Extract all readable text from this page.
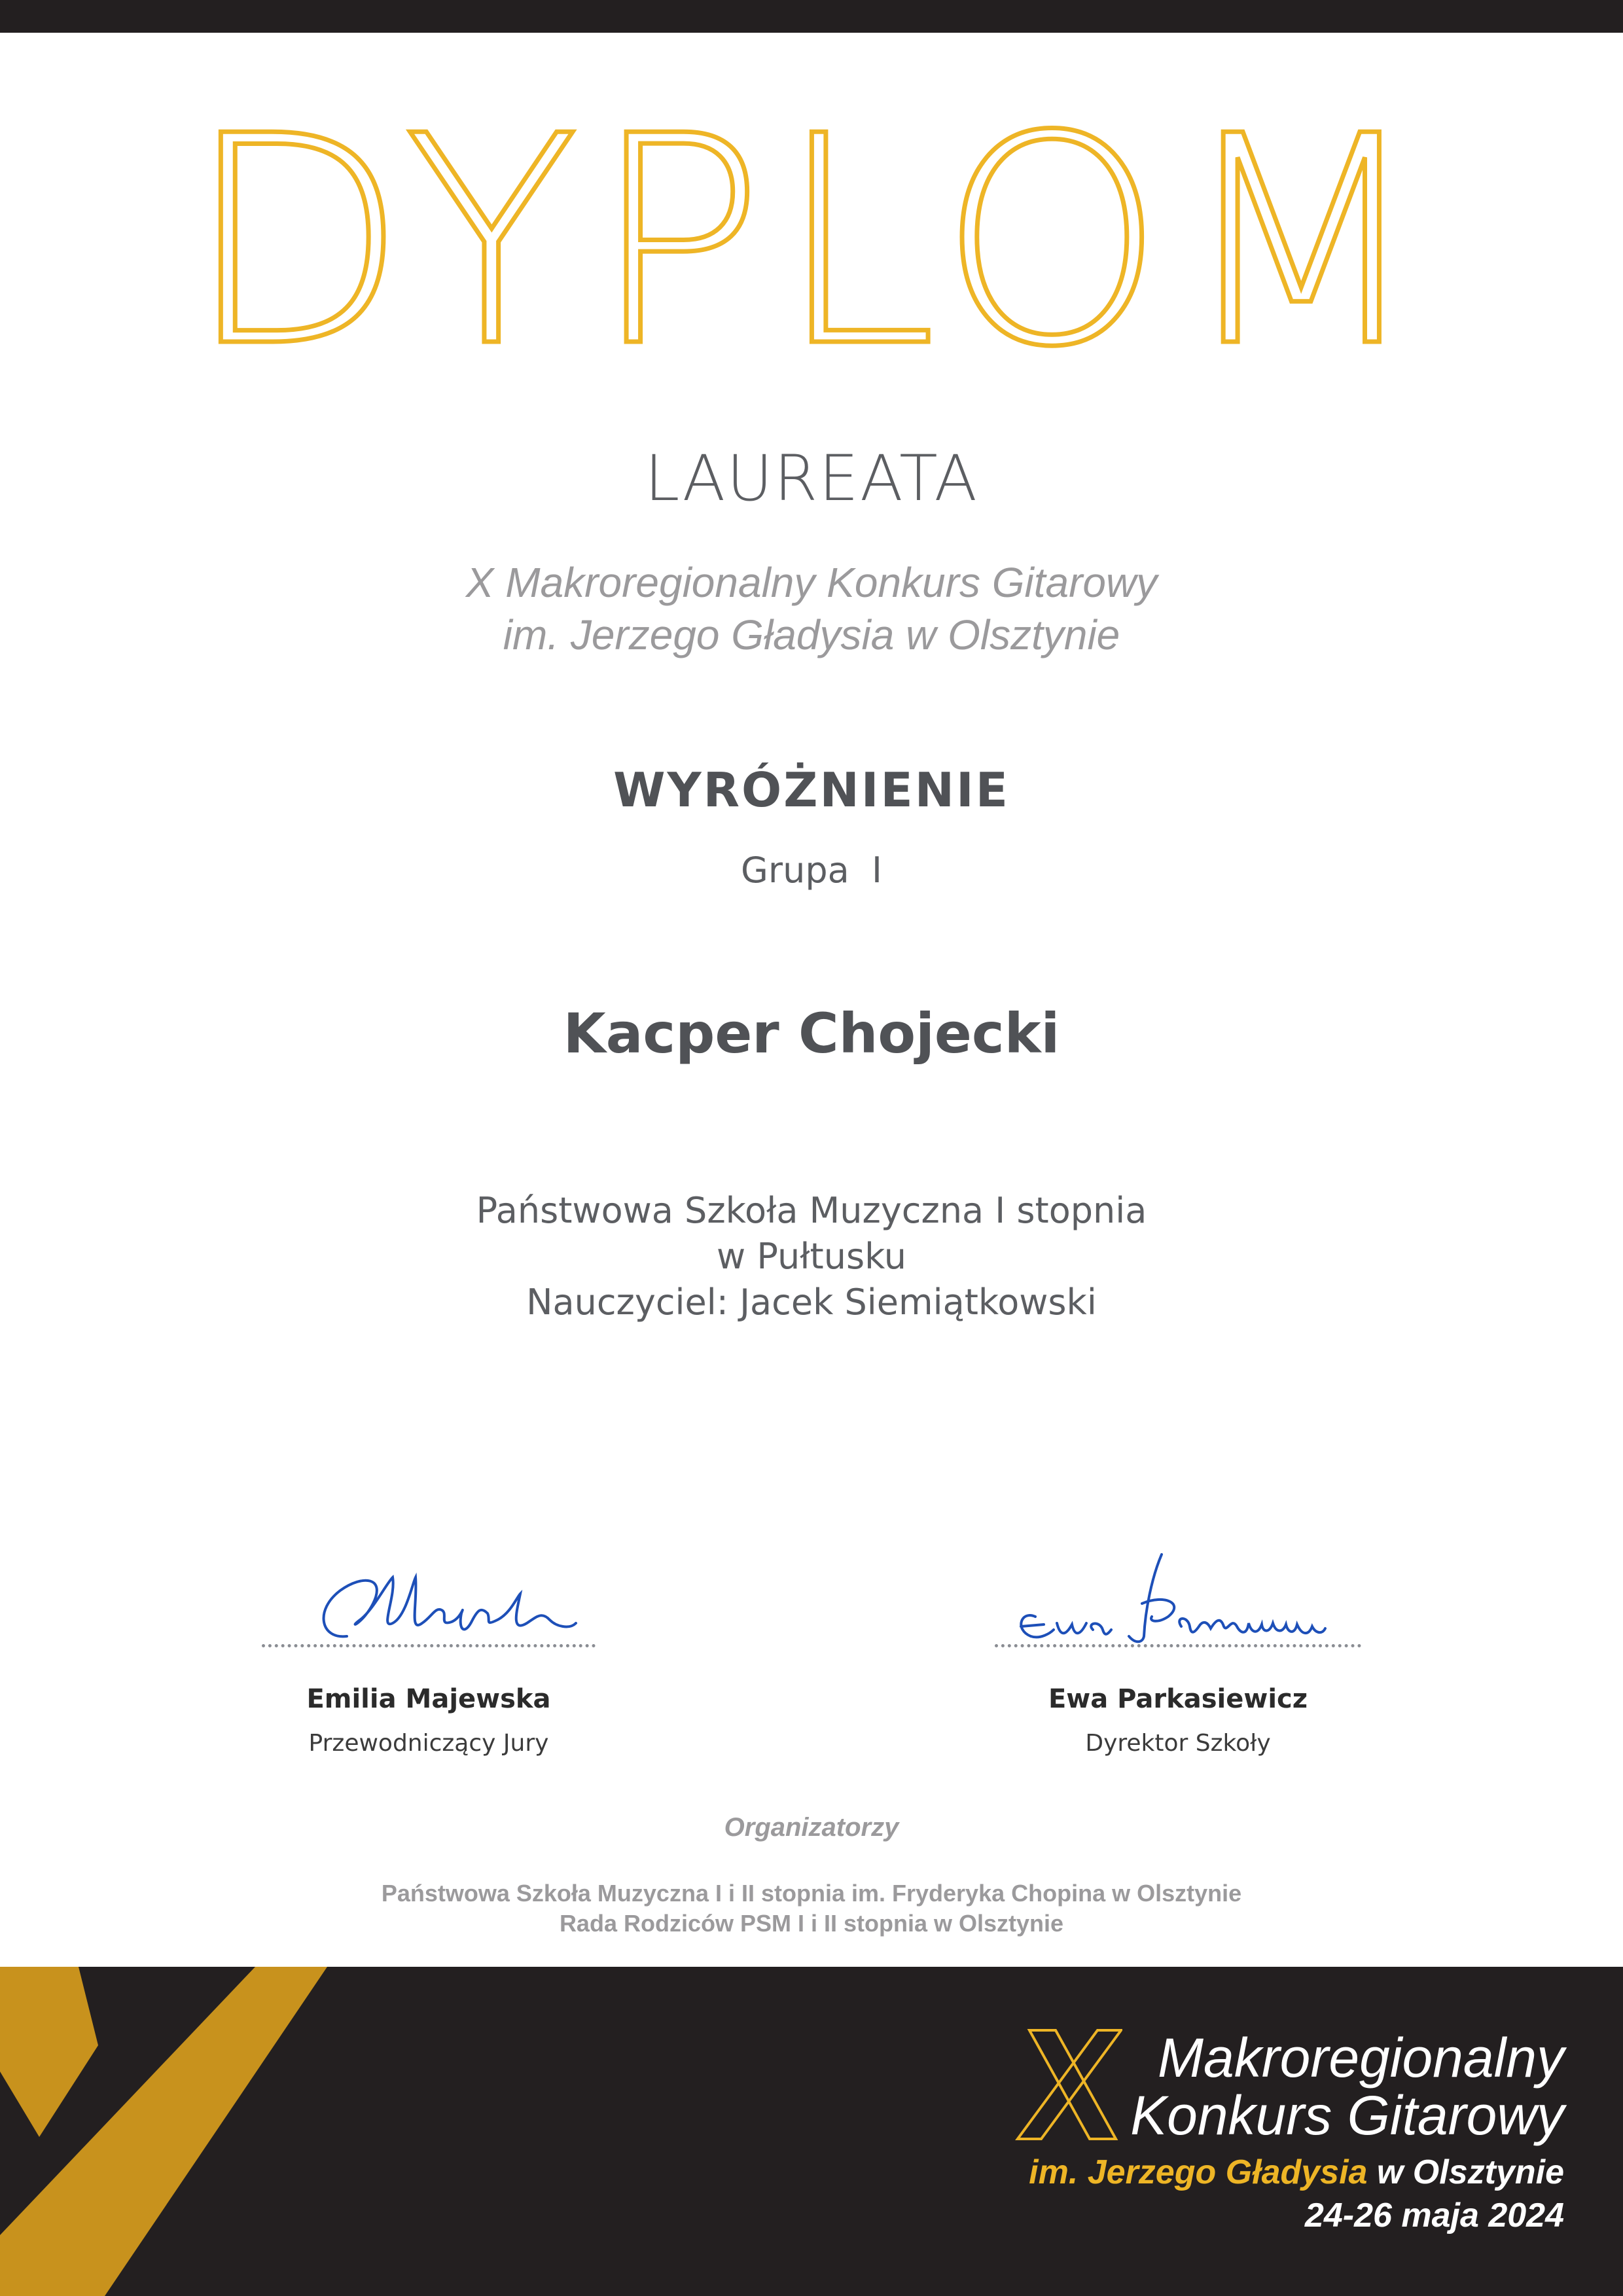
DYPLOM
LAUREATA
X Makroregionalny Konkurs Gitarowy
im. Jerzego Gładysia w Olsztynie
WYRÓŻNIENIE
Grupa  I
Kacper Chojecki
Państwowa Szkoła Muzyczna I stopnia
w Pułtusku
Nauczyciel: Jacek Siemiątkowski
Emilia Majewska
Przewodniczący Jury
Ewa Parkasiewicz
Dyrektor Szkoły
Organizatorzy
Państwowa Szkoła Muzyczna I i II stopnia im. Fryderyka Chopina w Olsztynie
Rada Rodziców PSM I i II stopnia w Olsztynie
X
Makroregionalny
Konkurs Gitarowy
im. Jerzego Gładysia w Olsztynie
24-26 maja 2024
